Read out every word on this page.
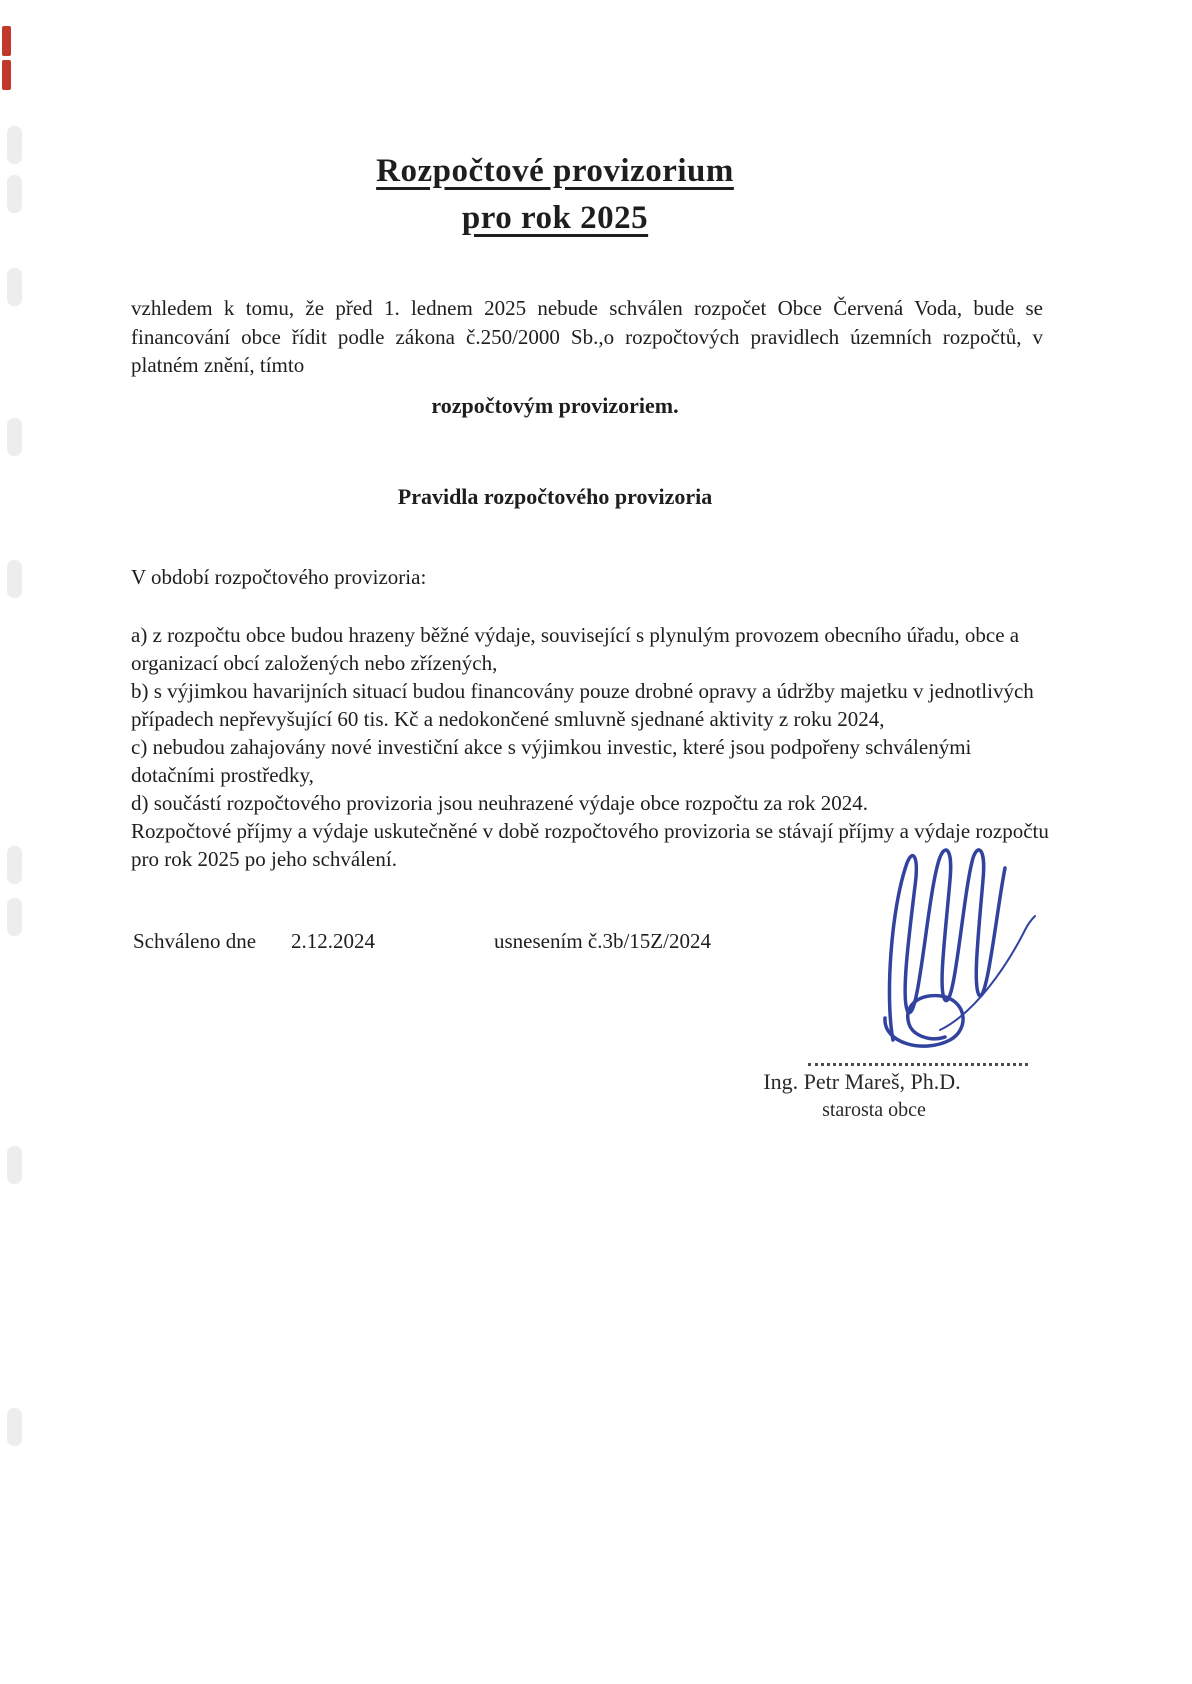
Rozpočtové provizorium
pro rok 2025
vzhledem k tomu, že před 1. lednem 2025 nebude schválen rozpočet Obce Červená Voda, bude se financování obce řídit podle zákona č.250/2000 Sb.,o rozpočtových pravidlech územních rozpočtů, v platném znění, tímto
rozpočtovým provizoriem.
Pravidla rozpočtového provizoria
V období rozpočtového provizoria:

a) z rozpočtu obce budou hrazeny běžné výdaje, související s plynulým provozem obecního úřadu, obce a organizací obcí založených nebo zřízených,

b) s výjimkou havarijních situací budou financovány pouze drobné opravy a údržby majetku v jednotlivých případech nepřevyšující 60 tis. Kč a nedokončené smluvně sjednané aktivity z roku 2024,

c) nebudou zahajovány nové investiční akce s výjimkou investic, které jsou podpořeny schválenými dotačními prostředky,

d) součástí rozpočtového provizoria jsou neuhrazené výdaje obce rozpočtu za rok 2024.

Rozpočtové příjmy a výdaje uskutečněné v době rozpočtového provizoria se stávají příjmy a výdaje rozpočtu pro rok 2025 po jeho schválení.

Schváleno dne 2.12.2024	usnesením č.3b/15Z/2024
Ing. Petr Mareš, Ph.D.
starosta obce
